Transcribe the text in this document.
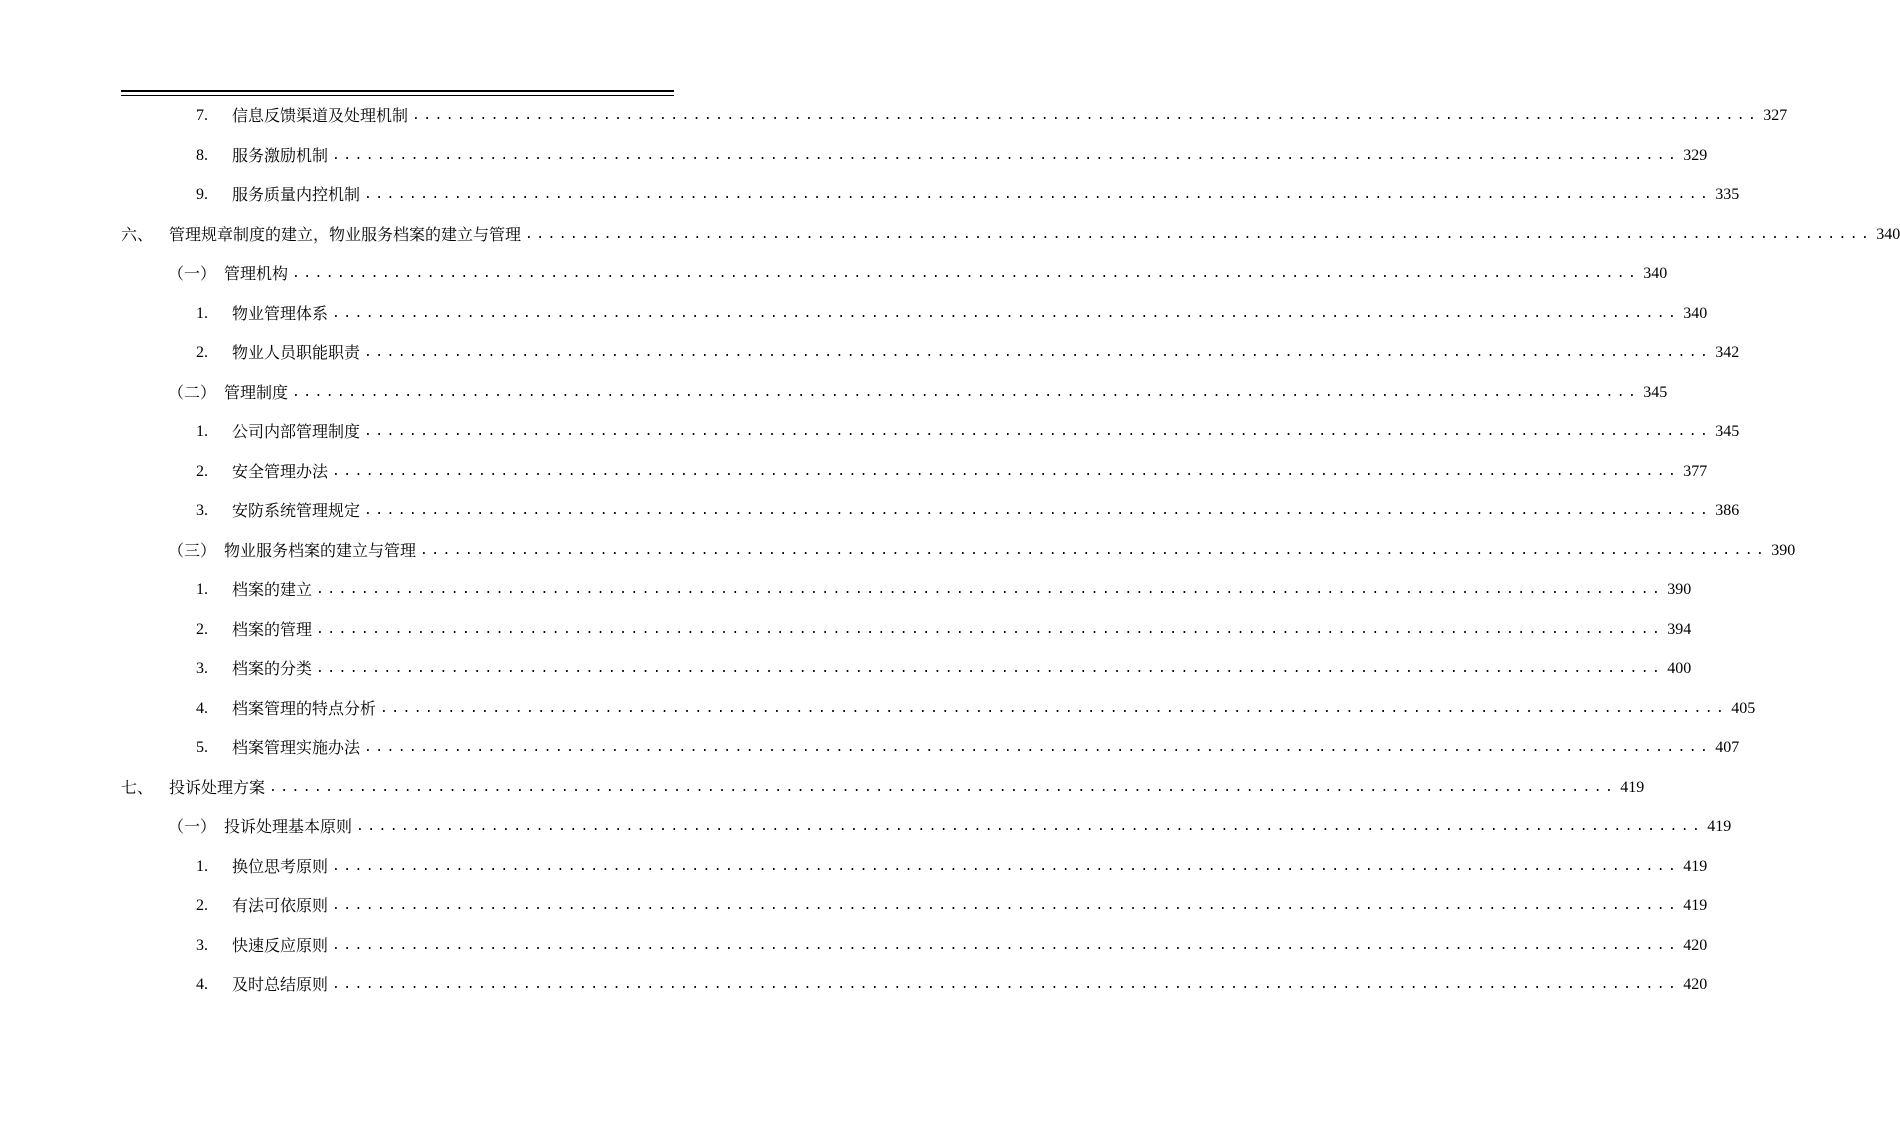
7.	信息反馈渠道及处理机制 ........................................................................................................................ 327
8.	服务激励机制 ........................................................................................................................ 329
9.	服务质量内控机制 ........................................................................................................................ 335
六、 管理规章制度的建立，物业服务档案的建立与管理 ........................................................................................................................ 340
（一） 管理机构 ........................................................................................................................ 340
1.	物业管理体系 ........................................................................................................................ 340
2.	物业人员职能职责 ........................................................................................................................ 342
（二） 管理制度 ........................................................................................................................ 345
1.	公司内部管理制度 ........................................................................................................................ 345
2.	安全管理办法 ........................................................................................................................ 377
3.	安防系统管理规定 ........................................................................................................................ 386
（三） 物业服务档案的建立与管理 ........................................................................................................................ 390
1.	档案的建立 ........................................................................................................................ 390
2.	档案的管理 ........................................................................................................................ 394
3.	档案的分类 ........................................................................................................................ 400
4.	档案管理的特点分析 ........................................................................................................................ 405
5.	档案管理实施办法 ........................................................................................................................ 407
七、 投诉处理方案 ........................................................................................................................ 419
（一） 投诉处理基本原则 ........................................................................................................................ 419
1.	换位思考原则 ........................................................................................................................ 419
2.	有法可依原则 ........................................................................................................................ 419
3.	快速反应原则 ........................................................................................................................ 420
4.	及时总结原则 ........................................................................................................................ 420
